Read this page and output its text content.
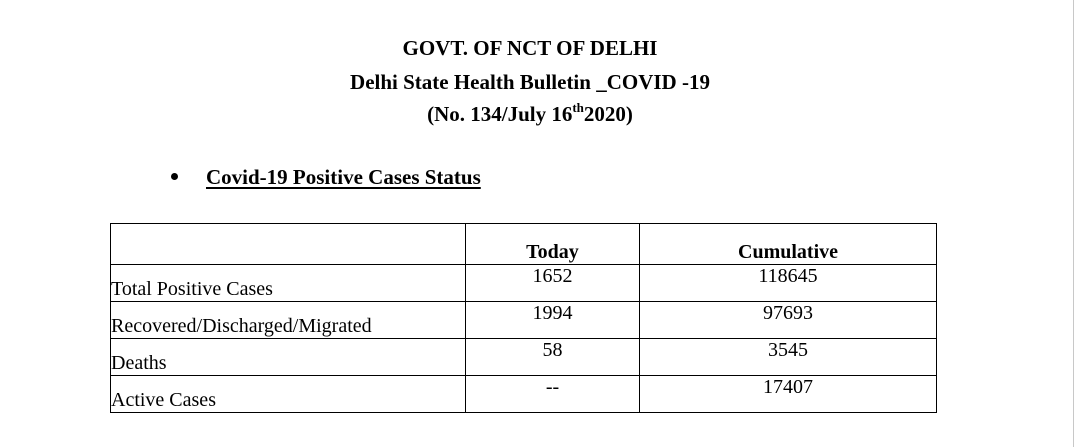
GOVT. OF NCT OF DELHI
Delhi State Health Bulletin _COVID -19
(No. 134/July 16th2020)
Covid-19 Positive Cases Status
	Today	Cumulative
Total Positive Cases	1652	118645
Recovered/Discharged/Migrated	1994	97693
Deaths	58	3545
Active Cases	--	17407
